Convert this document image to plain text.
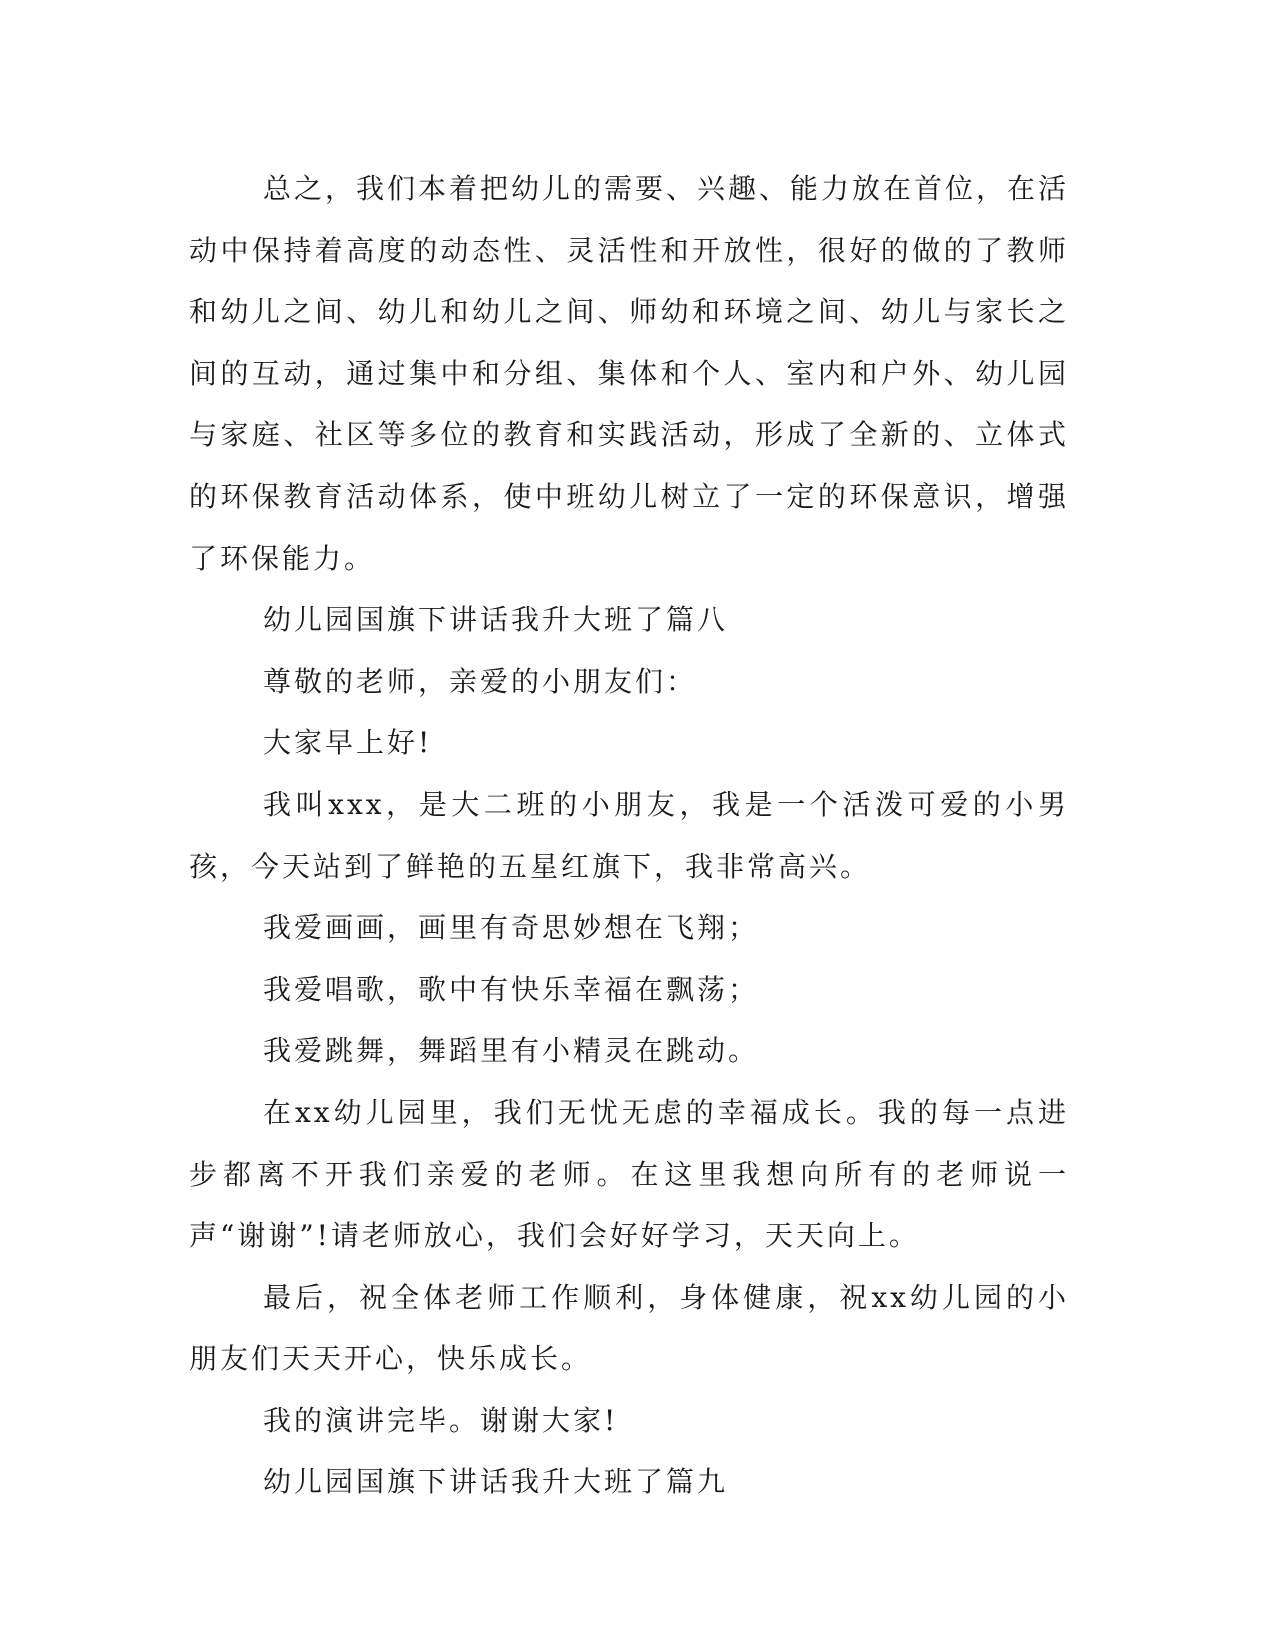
总之，我们本着把幼儿的需要、兴趣、能力放在首位，在活动中保持着高度的动态性、灵活性和开放性，很好的做的了教师和幼儿之间、幼儿和幼儿之间、师幼和环境之间、幼儿与家长之间的互动，通过集中和分组、集体和个人、室内和户外、幼儿园与家庭、社区等多位的教育和实践活动，形成了全新的、立体式的环保教育活动体系，使中班幼儿树立了一定的环保意识，增强了环保能力。

幼儿园国旗下讲话我升大班了篇八

尊敬的老师，亲爱的小朋友们：

大家早上好!

我叫xxx，是大二班的小朋友，我是一个活泼可爱的小男孩，今天站到了鲜艳的五星红旗下，我非常高兴。

我爱画画，画里有奇思妙想在飞翔；

我爱唱歌，歌中有快乐幸福在飘荡；

我爱跳舞，舞蹈里有小精灵在跳动。

在xx幼儿园里，我们无忧无虑的幸福成长。我的每一点进步都离不开我们亲爱的老师。在这里我想向所有的老师说一声“谢谢”!请老师放心，我们会好好学习，天天向上。

最后，祝全体老师工作顺利，身体健康，祝xx幼儿园的小朋友们天天开心，快乐成长。

我的演讲完毕。谢谢大家!

幼儿园国旗下讲话我升大班了篇九
